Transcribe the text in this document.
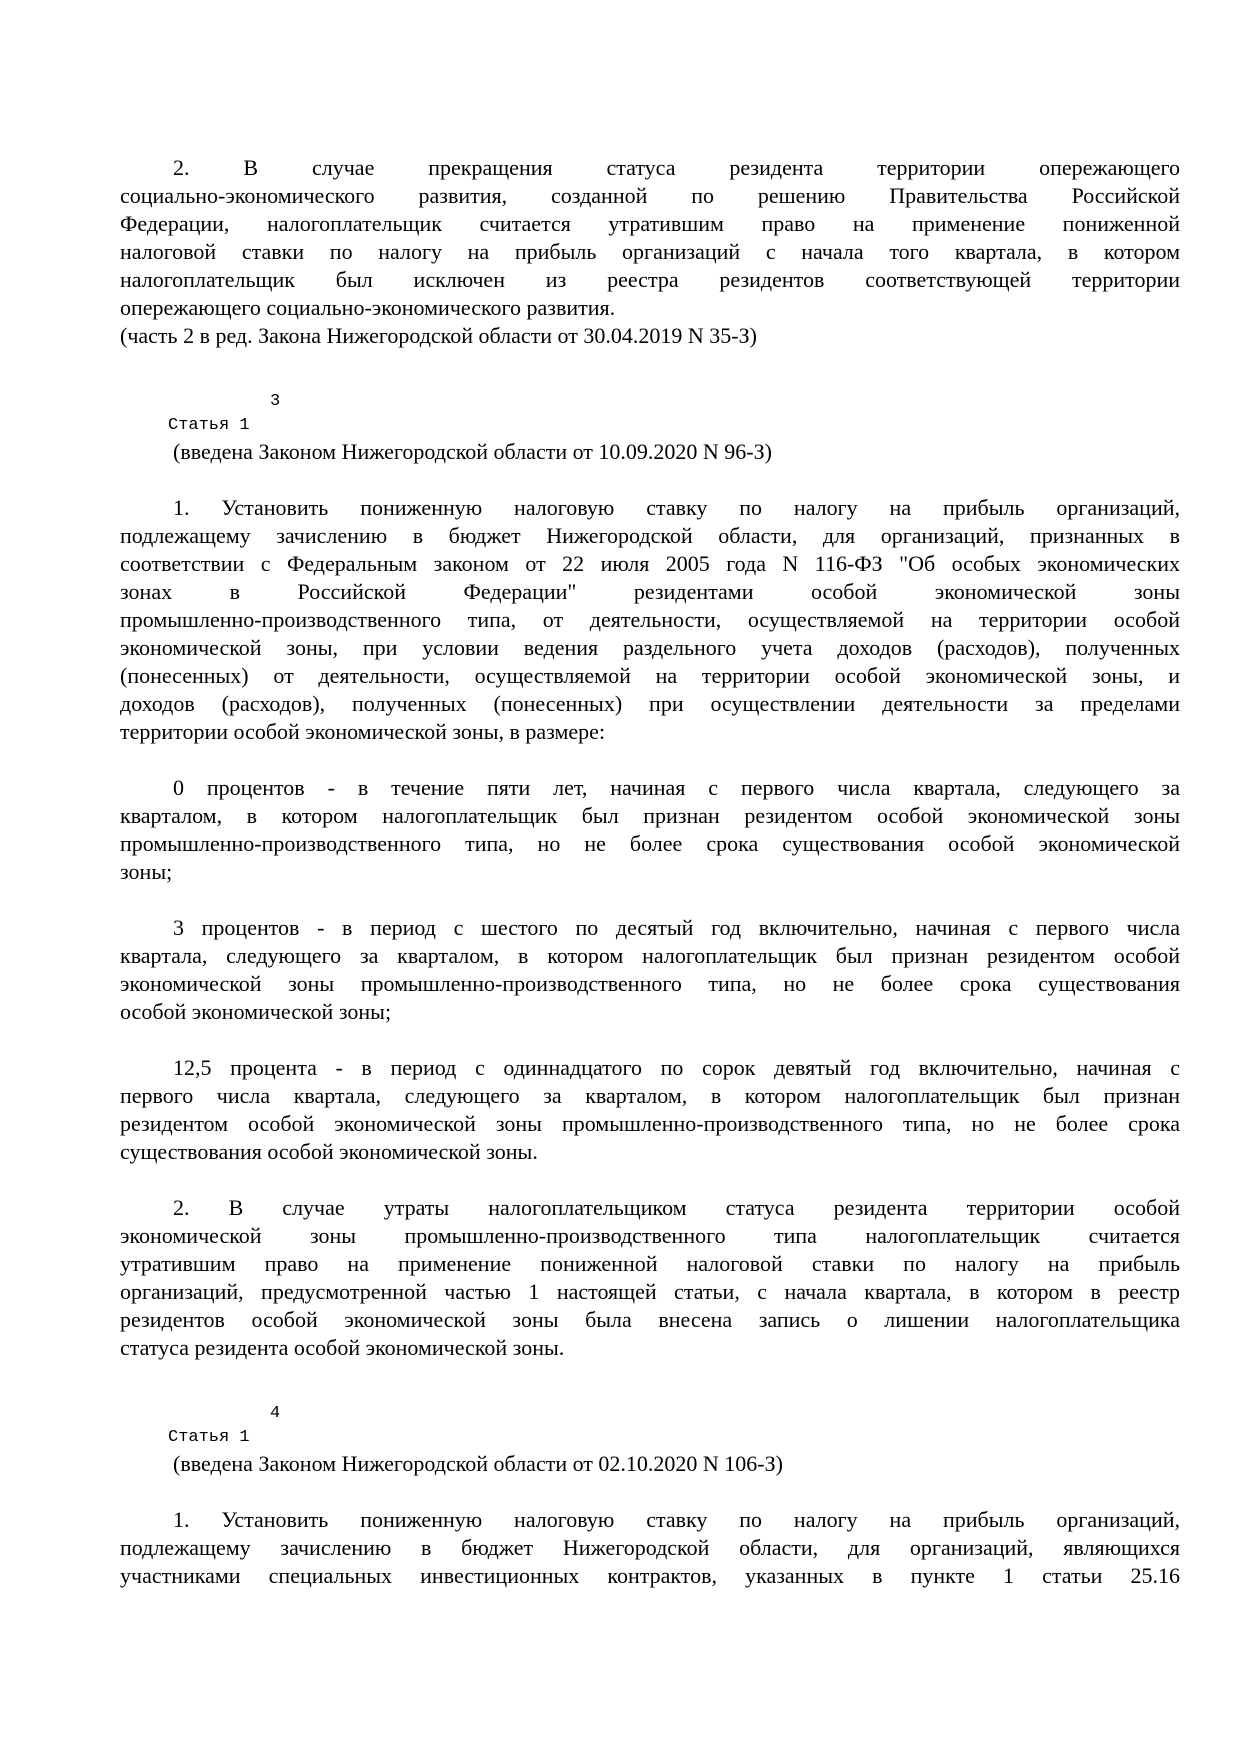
2. В случае прекращения статуса резидента территории опережающего
социально-экономического развития, созданной по решению Правительства Российской
Федерации, налогоплательщик считается утратившим право на применение пониженной
налоговой ставки по налогу на прибыль организаций с начала того квартала, в котором
налогоплательщик был исключен из реестра резидентов соответствующей территории
опережающего социально-экономического развития.
(часть 2 в ред. Закона Нижегородской области от 30.04.2019 N 35-З)
3
Статья 1
(введена Законом Нижегородской области от 10.09.2020 N 96-З)
1. Установить пониженную налоговую ставку по налогу на прибыль организаций,
подлежащему зачислению в бюджет Нижегородской области, для организаций, признанных в
соответствии с Федеральным законом от 22 июля 2005 года N 116-ФЗ "Об особых экономических
зонах в Российской Федерации" резидентами особой экономической зоны
промышленно-производственного типа, от деятельности, осуществляемой на территории особой
экономической зоны, при условии ведения раздельного учета доходов (расходов), полученных
(понесенных) от деятельности, осуществляемой на территории особой экономической зоны, и
доходов (расходов), полученных (понесенных) при осуществлении деятельности за пределами
территории особой экономической зоны, в размере:
0 процентов - в течение пяти лет, начиная с первого числа квартала, следующего за
кварталом, в котором налогоплательщик был признан резидентом особой экономической зоны
промышленно-производственного типа, но не более срока существования особой экономической
зоны;
3 процентов - в период с шестого по десятый год включительно, начиная с первого числа
квартала, следующего за кварталом, в котором налогоплательщик был признан резидентом особой
экономической зоны промышленно-производственного типа, но не более срока существования
особой экономической зоны;
12,5 процента - в период с одиннадцатого по сорок девятый год включительно, начиная с
первого числа квартала, следующего за кварталом, в котором налогоплательщик был признан
резидентом особой экономической зоны промышленно-производственного типа, но не более срока
существования особой экономической зоны.
2. В случае утраты налогоплательщиком статуса резидента территории особой
экономической зоны промышленно-производственного типа налогоплательщик считается
утратившим право на применение пониженной налоговой ставки по налогу на прибыль
организаций, предусмотренной частью 1 настоящей статьи, с начала квартала, в котором в реестр
резидентов особой экономической зоны была внесена запись о лишении налогоплательщика
статуса резидента особой экономической зоны.
4
Статья 1
(введена Законом Нижегородской области от 02.10.2020 N 106-З)
1. Установить пониженную налоговую ставку по налогу на прибыль организаций,
подлежащему зачислению в бюджет Нижегородской области, для организаций, являющихся
участниками специальных инвестиционных контрактов, указанных в пункте 1 статьи 25.16
